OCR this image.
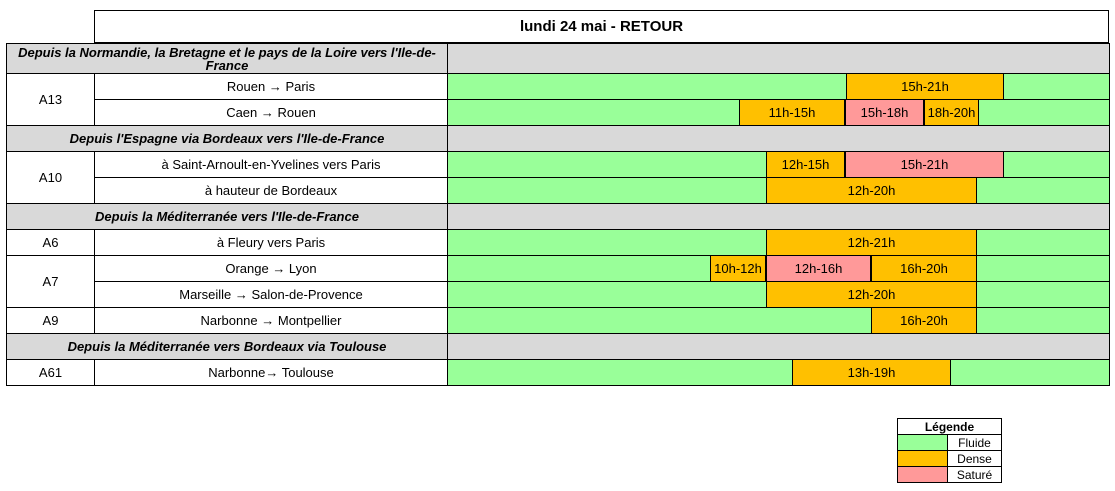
lundi 24 mai - RETOUR
Depuis la Normandie, la Bretagne et le pays de la Loire vers l'Ile-de-France		
A13	Rouen → Paris	15h-21h

	Caen → Rouen	11h-15h 15h-18h 18h-20h

Depuis l'Espagne via Bordeaux vers l'Ile-de-France		
A10	à Saint-Arnoult-en-Yvelines vers Paris	12h-15h 15h-21h

	à hauteur de Bordeaux	12h-20h

Depuis la Méditerranée vers l'Ile-de-France		
A6	à Fleury vers Paris	12h-21h

A7	Orange → Lyon	10h-12h 12h-16h 16h-20h

	Marseille → Salon-de-Provence	12h-20h

A9	Narbonne → Montpellier	16h-20h

Depuis la Méditerranée vers Bordeaux via Toulouse		
A61	Narbonne→ Toulouse	13h-19h
Légende	
	Fluide
	Dense
	Saturé
